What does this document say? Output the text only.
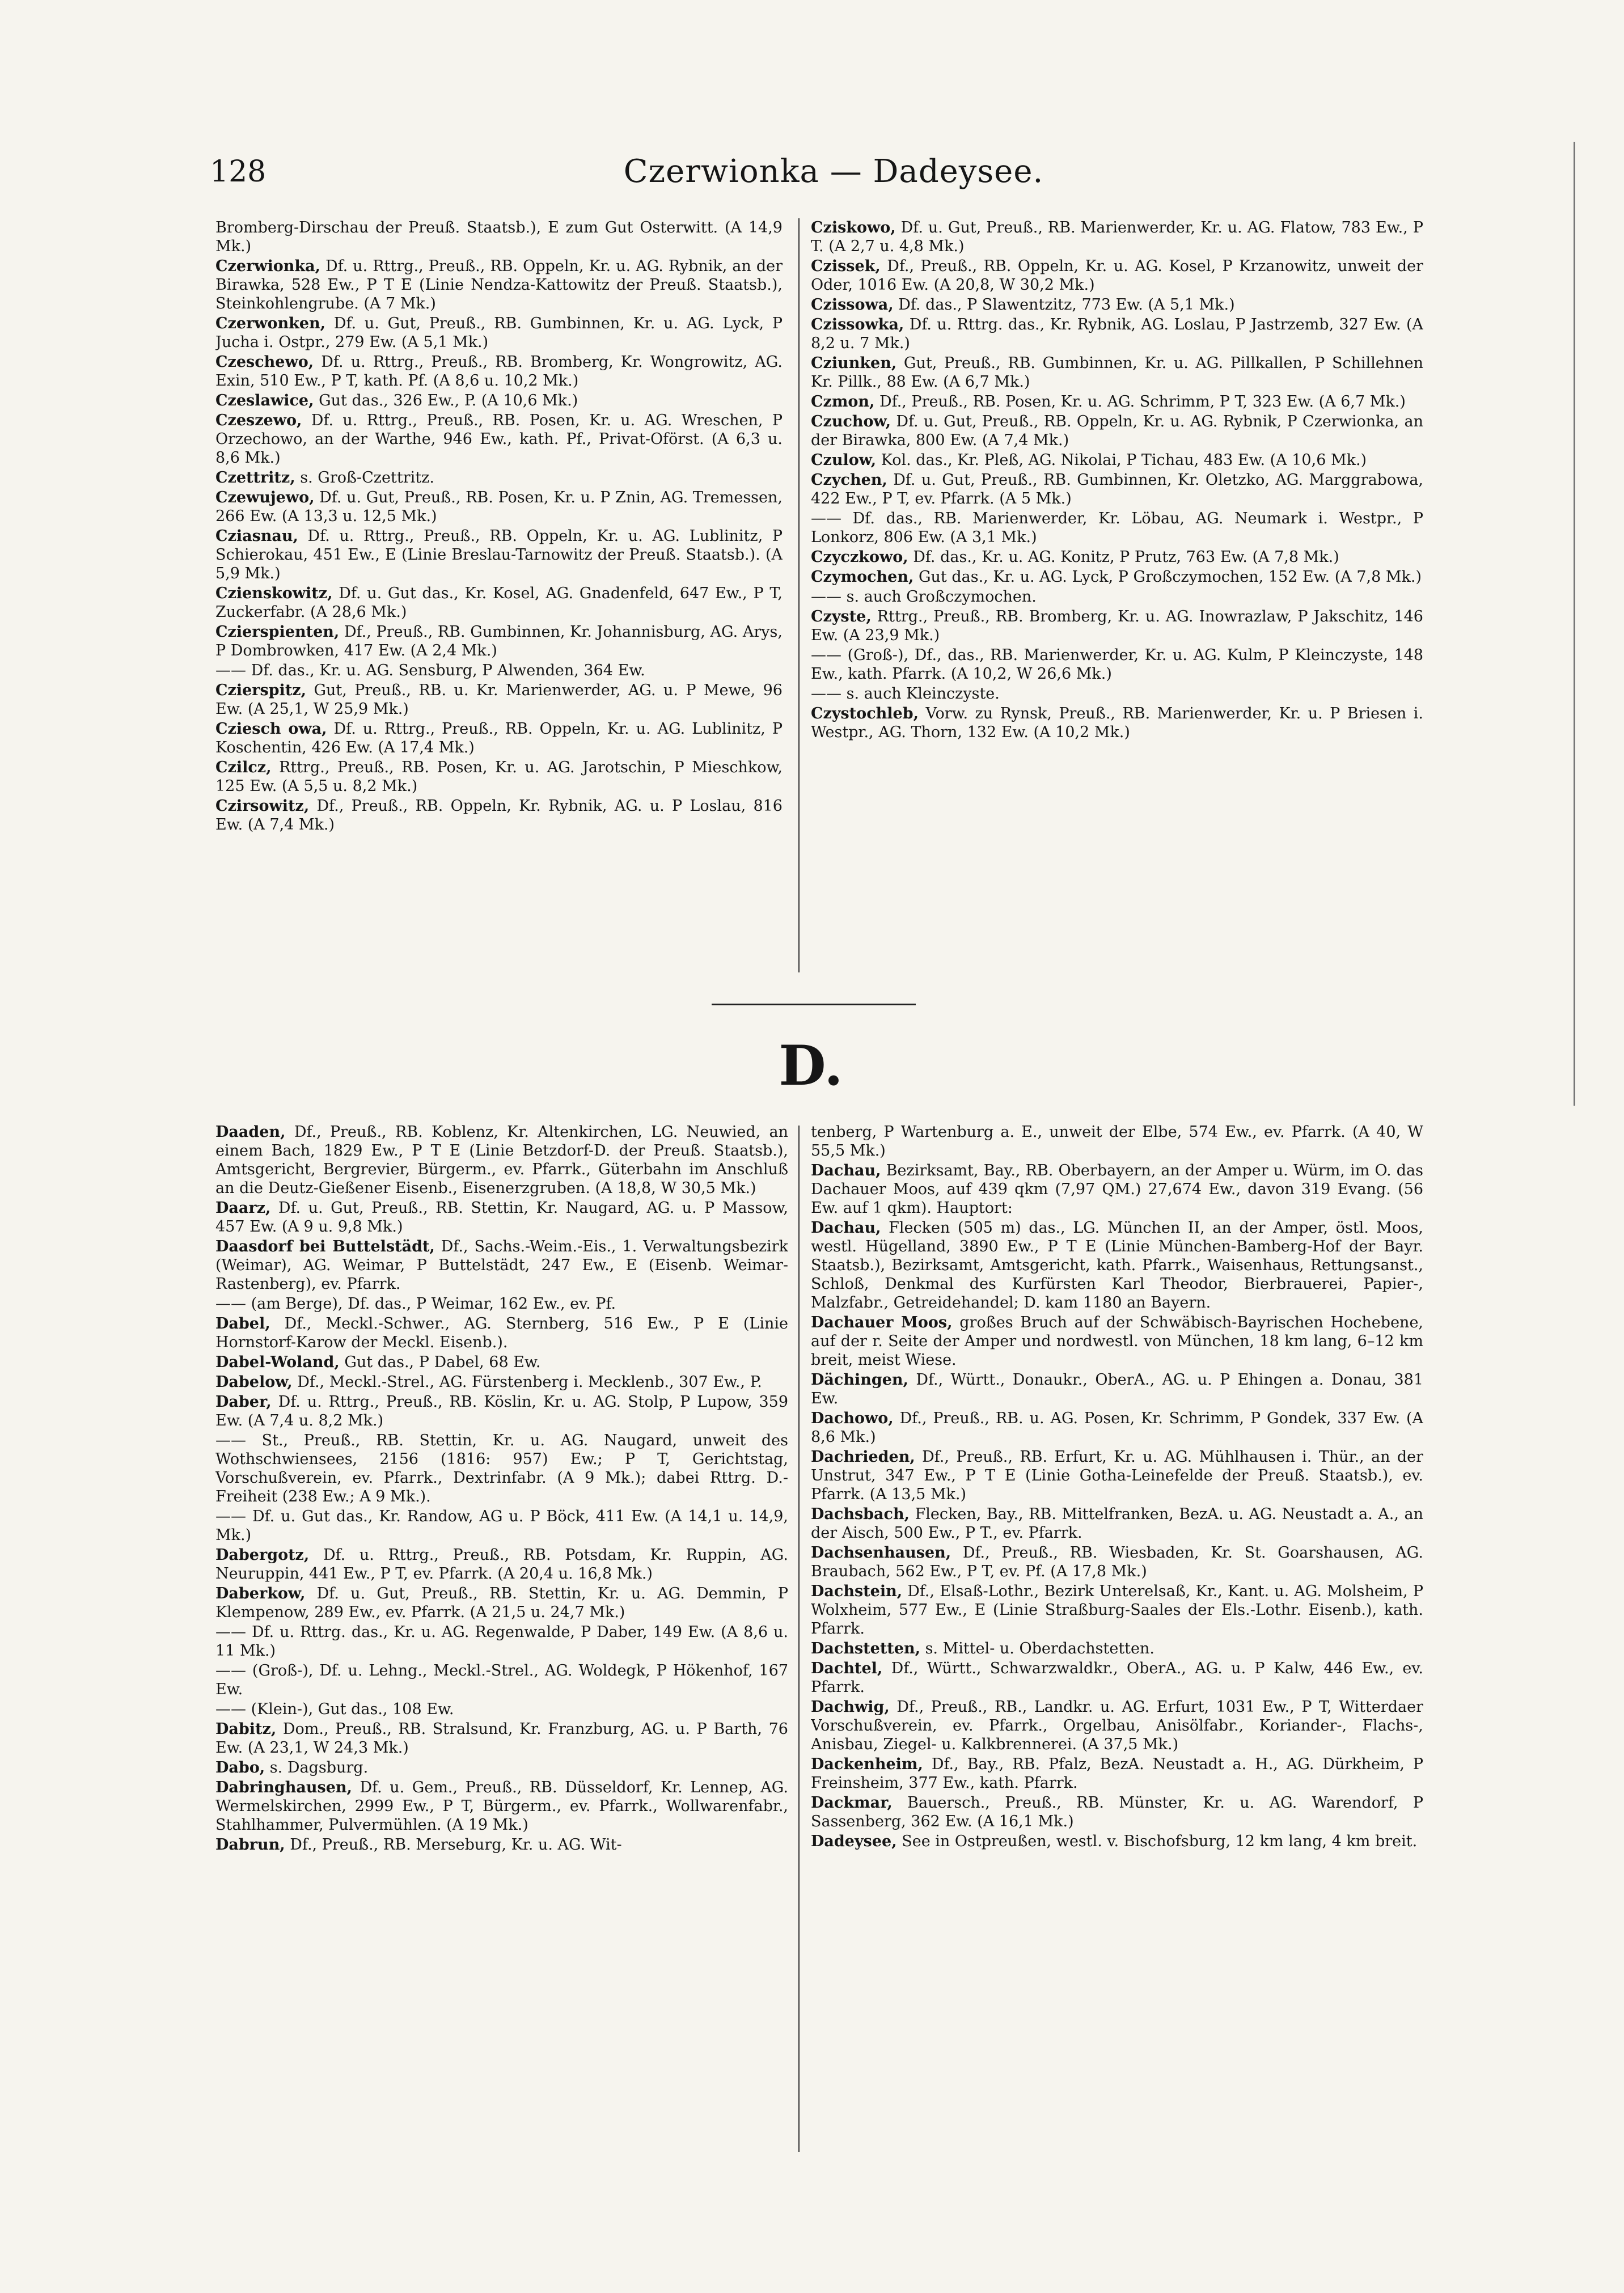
128	Czerwionka — Dadeysee.
Bromberg-Dirschau der Preuß. Staatsb.), E zum Gut Osterwitt. (A 14,9 Mk.)
Czerwionka, Df. u. Rttrg., Preuß., RB. Oppeln, Kr. u. AG. Rybnik, an der Birawka, 528 Ew., P T E (Linie Nendza-Kattowitz der Preuß. Staatsb.), Steinkohlengrube. (A 7 Mk.)
Czerwonken, Df. u. Gut, Preuß., RB. Gumbinnen, Kr. u. AG. Lyck, P Jucha i. Ostpr., 279 Ew. (A 5,1 Mk.)
Czeschewo, Df. u. Rttrg., Preuß., RB. Bromberg, Kr. Wongrowitz, AG. Exin, 510 Ew., P T, kath. Pf. (A 8,6 u. 10,2 Mk.)
Czeslawice, Gut das., 326 Ew., P. (A 10,6 Mk.)
Czeszewo, Df. u. Rttrg., Preuß., RB. Posen, Kr. u. AG. Wreschen, P Orzechowo, an der Warthe, 946 Ew., kath. Pf., Privat-Oförst. (A 6,3 u. 8,6 Mk.)
Czettritz, s. Groß-Czettritz.
Czewujewo, Df. u. Gut, Preuß., RB. Posen, Kr. u. P Znin, AG. Tremessen, 266 Ew. (A 13,3 u. 12,5 Mk.)
Cziasnau, Df. u. Rttrg., Preuß., RB. Oppeln, Kr. u. AG. Lublinitz, P Schierokau, 451 Ew., E (Linie Breslau-Tarnowitz der Preuß. Staatsb.). (A 5,9 Mk.)
Czienskowitz, Df. u. Gut das., Kr. Kosel, AG. Gnadenfeld, 647 Ew., P T, Zuckerfabr. (A 28,6 Mk.)
Czierspienten, Df., Preuß., RB. Gumbinnen, Kr. Johannisburg, AG. Arys, P Dombrowken, 417 Ew. (A 2,4 Mk.)
—— Df. das., Kr. u. AG. Sensburg, P Alwenden, 364 Ew.
Czierspitz, Gut, Preuß., RB. u. Kr. Marienwerder, AG. u. P Mewe, 96 Ew. (A 25,1, W 25,9 Mk.)
Cziesch owa, Df. u. Rttrg., Preuß., RB. Oppeln, Kr. u. AG. Lublinitz, P Koschentin, 426 Ew. (A 17,4 Mk.)
Czilcz, Rttrg., Preuß., RB. Posen, Kr. u. AG. Jarotschin, P Mieschkow, 125 Ew. (A 5,5 u. 8,2 Mk.)
Czirsowitz, Df., Preuß., RB. Oppeln, Kr. Rybnik, AG. u. P Loslau, 816 Ew. (A 7,4 Mk.)
Cziskowo, Df. u. Gut, Preuß., RB. Marienwerder, Kr. u. AG. Flatow, 783 Ew., P T. (A 2,7 u. 4,8 Mk.)
Czissek, Df., Preuß., RB. Oppeln, Kr. u. AG. Kosel, P Krzanowitz, unweit der Oder, 1016 Ew. (A 20,8, W 30,2 Mk.)
Czissowa, Df. das., P Slawentzitz, 773 Ew. (A 5,1 Mk.)
Czissowka, Df. u. Rttrg. das., Kr. Rybnik, AG. Loslau, P Jastrzemb, 327 Ew. (A 8,2 u. 7 Mk.)
Cziunken, Gut, Preuß., RB. Gumbinnen, Kr. u. AG. Pillkallen, P Schillehnen Kr. Pillk., 88 Ew. (A 6,7 Mk.)
Czmon, Df., Preuß., RB. Posen, Kr. u. AG. Schrimm, P T, 323 Ew. (A 6,7 Mk.)
Czuchow, Df. u. Gut, Preuß., RB. Oppeln, Kr. u. AG. Rybnik, P Czerwionka, an der Birawka, 800 Ew. (A 7,4 Mk.)
Czulow, Kol. das., Kr. Pleß, AG. Nikolai, P Tichau, 483 Ew. (A 10,6 Mk.)
Czychen, Df. u. Gut, Preuß., RB. Gumbinnen, Kr. Oletzko, AG. Marggrabowa, 422 Ew., P T, ev. Pfarrk. (A 5 Mk.)
—— Df. das., RB. Marienwerder, Kr. Löbau, AG. Neumark i. Westpr., P Lonkorz, 806 Ew. (A 3,1 Mk.)
Czyczkowo, Df. das., Kr. u. AG. Konitz, P Prutz, 763 Ew. (A 7,8 Mk.)
Czymochen, Gut das., Kr. u. AG. Lyck, P Großczymochen, 152 Ew. (A 7,8 Mk.)
—— s. auch Großczymochen.
Czyste, Rttrg., Preuß., RB. Bromberg, Kr. u. AG. Inowrazlaw, P Jakschitz, 146 Ew. (A 23,9 Mk.)
—— (Groß-), Df., das., RB. Marienwerder, Kr. u. AG. Kulm, P Kleinczyste, 148 Ew., kath. Pfarrk. (A 10,2, W 26,6 Mk.)
—— s. auch Kleinczyste.
Czystochleb, Vorw. zu Rynsk, Preuß., RB. Marienwerder, Kr. u. P Briesen i. Westpr., AG. Thorn, 132 Ew. (A 10,2 Mk.)
D.
Daaden, Df., Preuß., RB. Koblenz, Kr. Altenkirchen, LG. Neuwied, an einem Bach, 1829 Ew., P T E (Linie Betzdorf-D. der Preuß. Staatsb.), Amtsgericht, Bergrevier, Bürgerm., ev. Pfarrk., Güterbahn im Anschluß an die Deutz-Gießener Eisenb., Eisenerzgruben. (A 18,8, W 30,5 Mk.)
Daarz, Df. u. Gut, Preuß., RB. Stettin, Kr. Naugard, AG. u. P Massow, 457 Ew. (A 9 u. 9,8 Mk.)
Daasdorf bei Buttelstädt, Df., Sachs.-Weim.-Eis., 1. Verwaltungsbezirk (Weimar), AG. Weimar, P Buttelstädt, 247 Ew., E (Eisenb. Weimar-Rastenberg), ev. Pfarrk.
—— (am Berge), Df. das., P Weimar, 162 Ew., ev. Pf.
Dabel, Df., Meckl.-Schwer., AG. Sternberg, 516 Ew., P E (Linie Hornstorf-Karow der Meckl. Eisenb.).
Dabel-Woland, Gut das., P Dabel, 68 Ew.
Dabelow, Df., Meckl.-Strel., AG. Fürstenberg i. Mecklenb., 307 Ew., P.
Daber, Df. u. Rttrg., Preuß., RB. Köslin, Kr. u. AG. Stolp, P Lupow, 359 Ew. (A 7,4 u. 8,2 Mk.)
—— St., Preuß., RB. Stettin, Kr. u. AG. Naugard, unweit des Wothschwiensees, 2156 (1816: 957) Ew.; P T, Gerichtstag, Vorschußverein, ev. Pfarrk., Dextrinfabr. (A 9 Mk.); dabei Rttrg. D.-Freiheit (238 Ew.; A 9 Mk.).
—— Df. u. Gut das., Kr. Randow, AG u. P Böck, 411 Ew. (A 14,1 u. 14,9, Mk.)
Dabergotz, Df. u. Rttrg., Preuß., RB. Potsdam, Kr. Ruppin, AG. Neuruppin, 441 Ew., P T, ev. Pfarrk. (A 20,4 u. 16,8 Mk.)
Daberkow, Df. u. Gut, Preuß., RB. Stettin, Kr. u. AG. Demmin, P Klempenow, 289 Ew., ev. Pfarrk. (A 21,5 u. 24,7 Mk.)
—— Df. u. Rttrg. das., Kr. u. AG. Regenwalde, P Daber, 149 Ew. (A 8,6 u. 11 Mk.)
—— (Groß-), Df. u. Lehng., Meckl.-Strel., AG. Woldegk, P Hökenhof, 167 Ew.
—— (Klein-), Gut das., 108 Ew.
Dabitz, Dom., Preuß., RB. Stralsund, Kr. Franzburg, AG. u. P Barth, 76 Ew. (A 23,1, W 24,3 Mk.)
Dabo, s. Dagsburg.
Dabringhausen, Df. u. Gem., Preuß., RB. Düsseldorf, Kr. Lennep, AG. Wermelskirchen, 2999 Ew., P T, Bürgerm., ev. Pfarrk., Wollwarenfabr., Stahlhammer, Pulvermühlen. (A 19 Mk.)
Dabrun, Df., Preuß., RB. Merseburg, Kr. u. AG. Wit-
tenberg, P Wartenburg a. E., unweit der Elbe, 574 Ew., ev. Pfarrk. (A 40, W 55,5 Mk.)
Dachau, Bezirksamt, Bay., RB. Oberbayern, an der Amper u. Würm, im O. das Dachauer Moos, auf 439 qkm (7,97 QM.) 27,674 Ew., davon 319 Evang. (56 Ew. auf 1 qkm). Hauptort:
Dachau, Flecken (505 m) das., LG. München II, an der Amper, östl. Moos, westl. Hügelland, 3890 Ew., P T E (Linie München-Bamberg-Hof der Bayr. Staatsb.), Bezirksamt, Amtsgericht, kath. Pfarrk., Waisenhaus, Rettungsanst., Schloß, Denkmal des Kurfürsten Karl Theodor, Bierbrauerei, Papier-, Malzfabr., Getreidehandel; D. kam 1180 an Bayern.
Dachauer Moos, großes Bruch auf der Schwäbisch-Bayrischen Hochebene, auf der r. Seite der Amper und nordwestl. von München, 18 km lang, 6–12 km breit, meist Wiese.
Dächingen, Df., Württ., Donaukr., OberA., AG. u. P Ehingen a. Donau, 381 Ew.
Dachowo, Df., Preuß., RB. u. AG. Posen, Kr. Schrimm, P Gondek, 337 Ew. (A 8,6 Mk.)
Dachrieden, Df., Preuß., RB. Erfurt, Kr. u. AG. Mühlhausen i. Thür., an der Unstrut, 347 Ew., P T E (Linie Gotha-Leinefelde der Preuß. Staatsb.), ev. Pfarrk. (A 13,5 Mk.)
Dachsbach, Flecken, Bay., RB. Mittelfranken, BezA. u. AG. Neustadt a. A., an der Aisch, 500 Ew., P T., ev. Pfarrk.
Dachsenhausen, Df., Preuß., RB. Wiesbaden, Kr. St. Goarshausen, AG. Braubach, 562 Ew., P T, ev. Pf. (A 17,8 Mk.)
Dachstein, Df., Elsaß-Lothr., Bezirk Unterelsaß, Kr., Kant. u. AG. Molsheim, P Wolxheim, 577 Ew., E (Linie Straßburg-Saales der Els.-Lothr. Eisenb.), kath. Pfarrk.
Dachstetten, s. Mittel- u. Oberdachstetten.
Dachtel, Df., Württ., Schwarzwaldkr., OberA., AG. u. P Kalw, 446 Ew., ev. Pfarrk.
Dachwig, Df., Preuß., RB., Landkr. u. AG. Erfurt, 1031 Ew., P T, Witterdaer Vorschußverein, ev. Pfarrk., Orgelbau, Anisölfabr., Koriander-, Flachs-, Anisbau, Ziegel- u. Kalkbrennerei. (A 37,5 Mk.)
Dackenheim, Df., Bay., RB. Pfalz, BezA. Neustadt a. H., AG. Dürkheim, P Freinsheim, 377 Ew., kath. Pfarrk.
Dackmar, Bauersch., Preuß., RB. Münster, Kr. u. AG. Warendorf, P Sassenberg, 362 Ew. (A 16,1 Mk.)
Dadeysee, See in Ostpreußen, westl. v. Bischofsburg, 12 km lang, 4 km breit.
